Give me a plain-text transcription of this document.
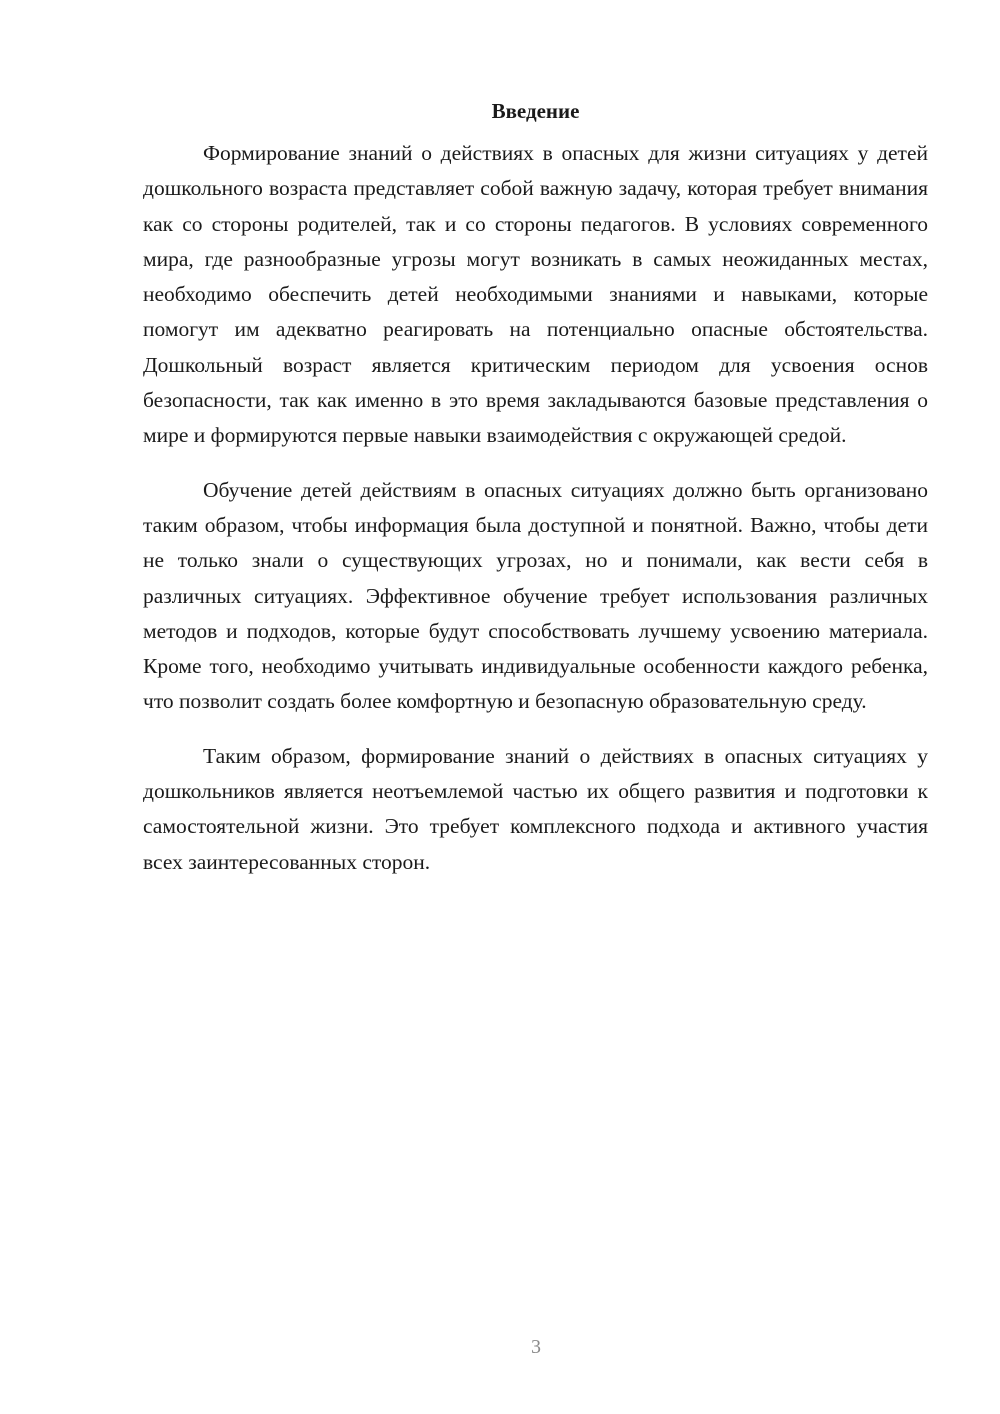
Введение

Формирование знаний о действиях в опасных для жизни ситуациях у детей дошкольного возраста представляет собой важную задачу, которая требует внимания как со стороны родителей, так и со стороны педагогов. В условиях современного мира, где разнообразные угрозы могут возникать в самых неожиданных местах, необходимо обеспечить детей необходимыми знаниями и навыками, которые помогут им адекватно реагировать на потенциально опасные обстоятельства. Дошкольный возраст является критическим периодом для усвоения основ безопасности, так как именно в это время закладываются базовые представления о мире и формируются первые навыки взаимодействия с окружающей средой.

Обучение детей действиям в опасных ситуациях должно быть организовано таким образом, чтобы информация была доступной и понятной. Важно, чтобы дети не только знали о существующих угрозах, но и понимали, как вести себя в различных ситуациях. Эффективное обучение требует использования различных методов и подходов, которые будут способствовать лучшему усвоению материала. Кроме того, необходимо учитывать индивидуальные особенности каждого ребенка, что позволит создать более комфортную и безопасную образовательную среду.

Таким образом, формирование знаний о действиях в опасных ситуациях у дошкольников является неотъемлемой частью их общего развития и подготовки к самостоятельной жизни. Это требует комплексного подхода и активного участия всех заинтересованных сторон.

3
